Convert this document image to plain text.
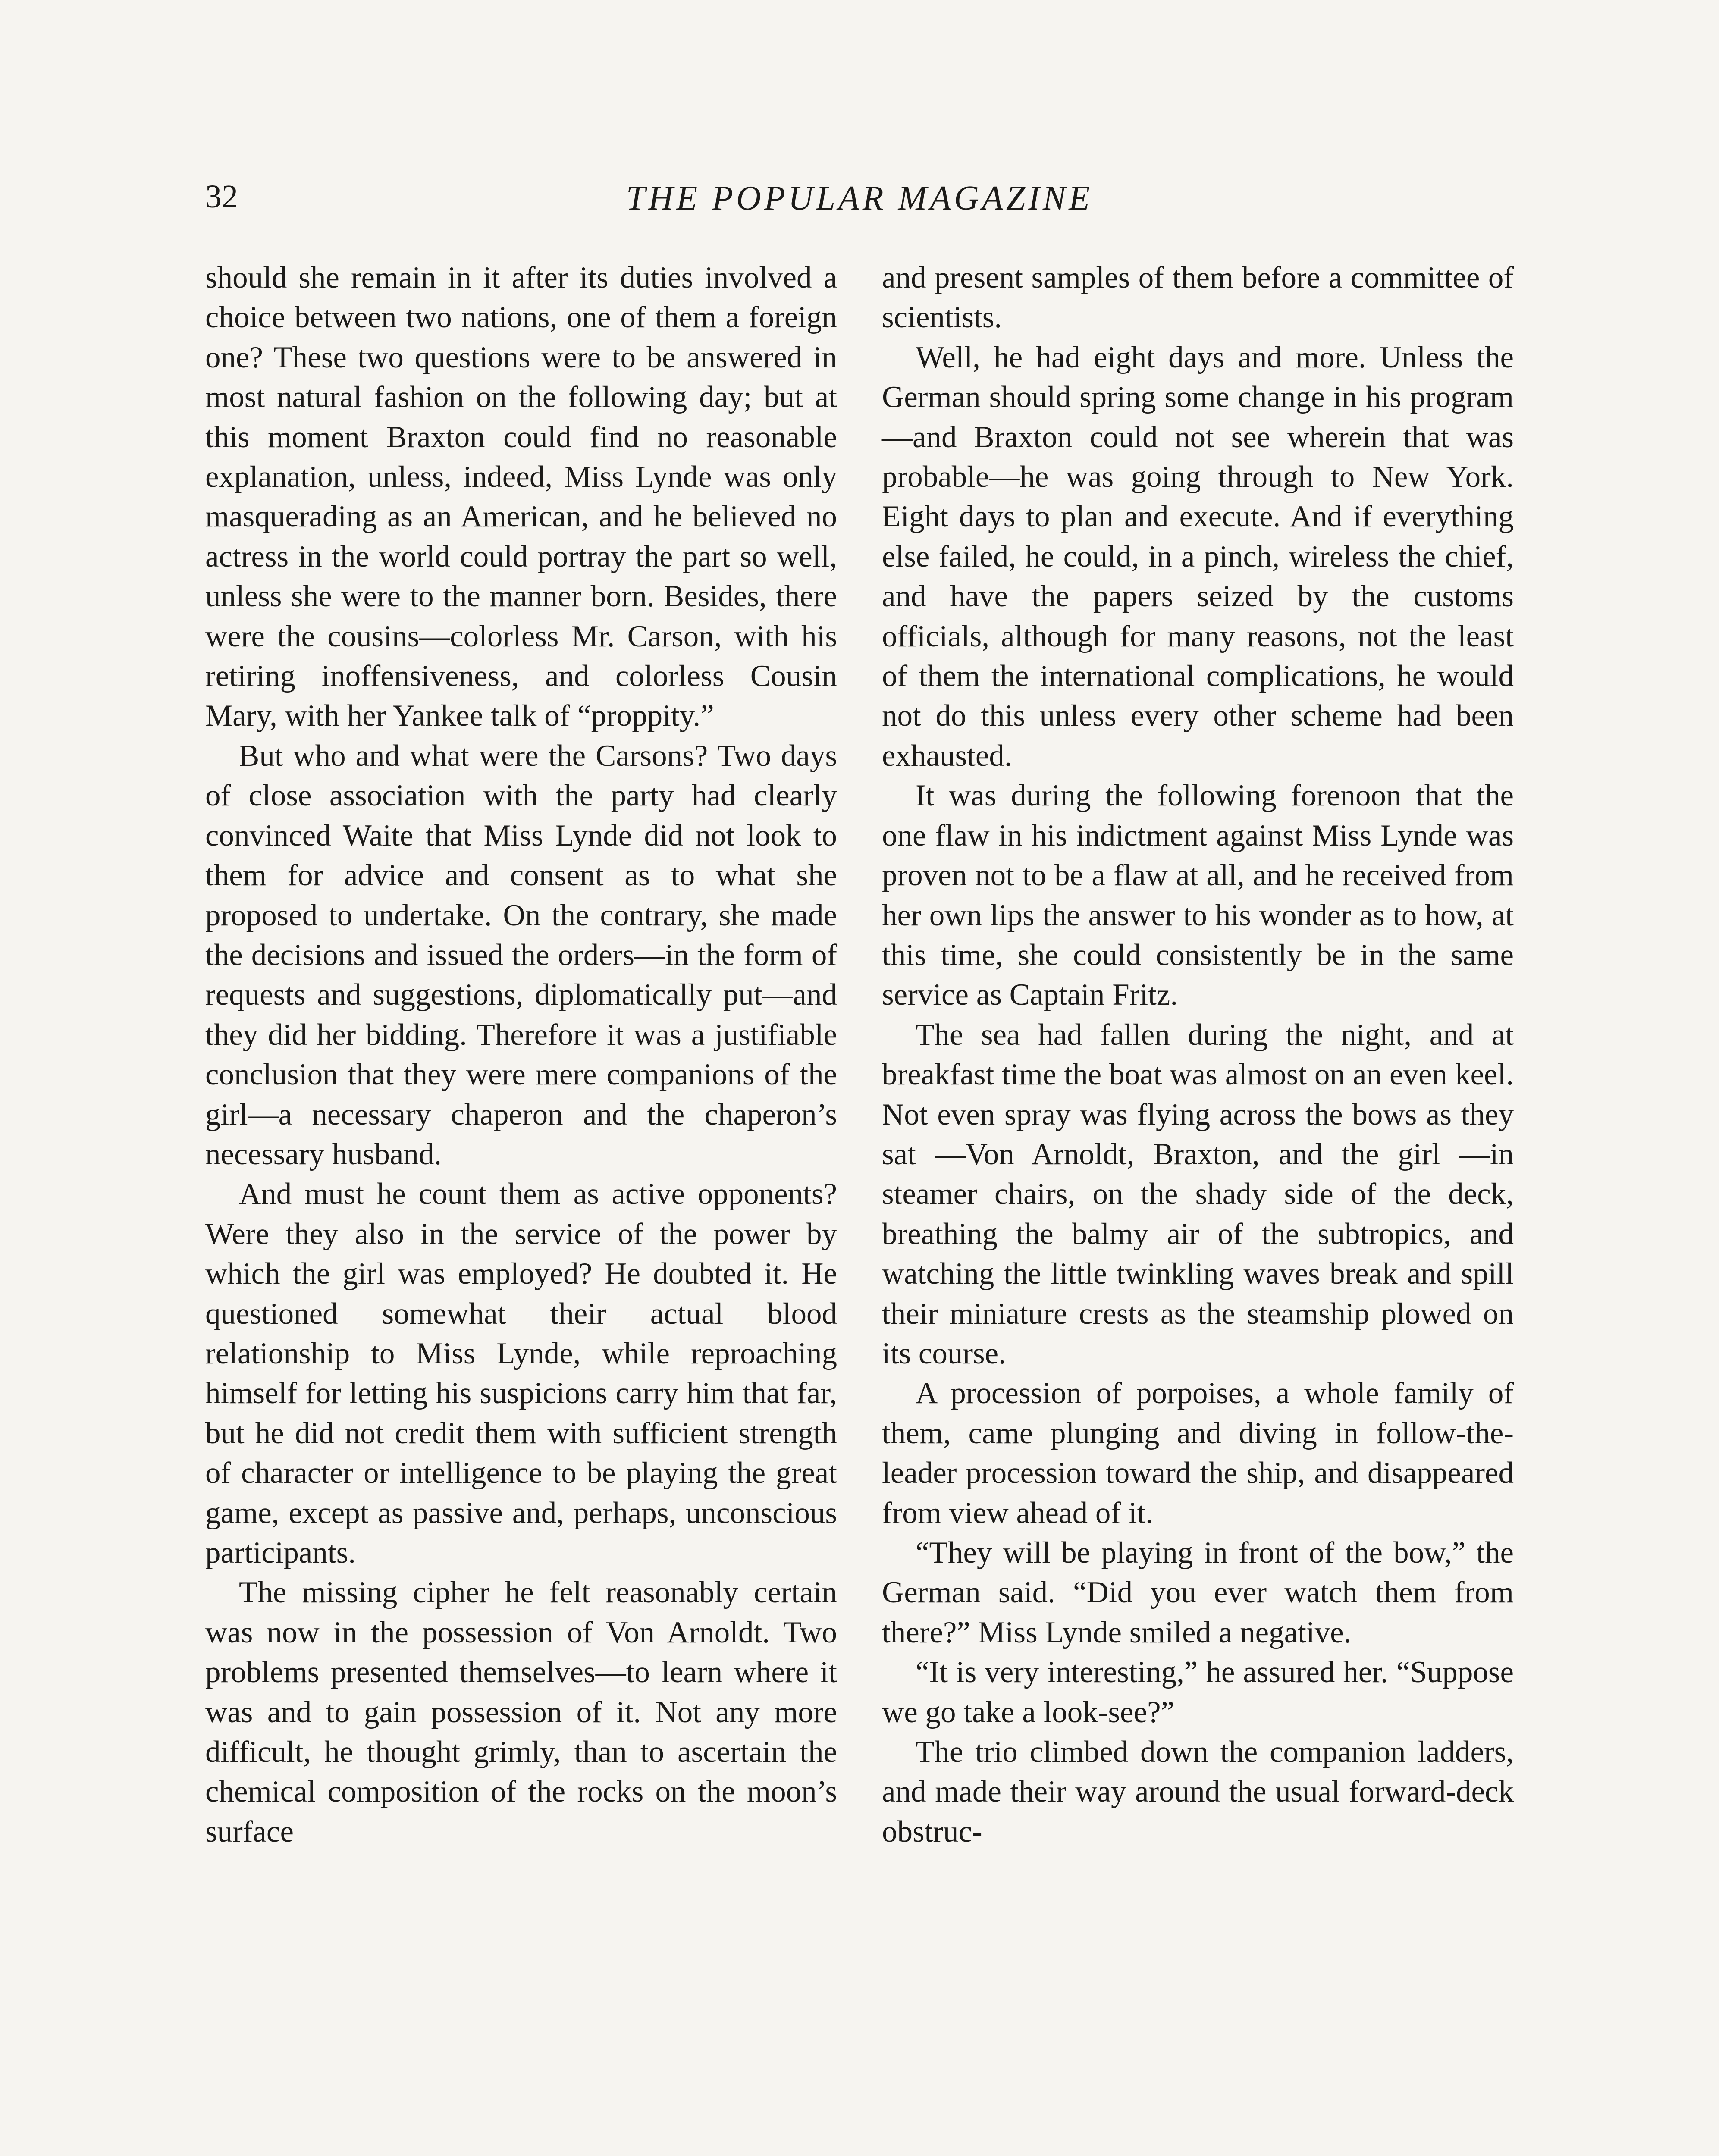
32	THE POPULAR MAGAZINE

should she remain in it after its duties involved a choice between two nations, one of them a foreign one? These two questions were to be answered in most natural fashion on the following day; but at this moment Braxton could find no reasonable explanation, unless, indeed, Miss Lynde was only masquerading as an American, and he believed no actress in the world could portray the part so well, unless she were to the manner born. Besides, there were the cousins—colorless Mr. Carson, with his retiring inoffensiveness, and colorless Cousin Mary, with her Yankee talk of “proppity.”

But who and what were the Carsons? Two days of close association with the party had clearly convinced Waite that Miss Lynde did not look to them for advice and consent as to what she proposed to undertake. On the contrary, she made the decisions and issued the orders—in the form of requests and suggestions, diplomatically put—and they did her bidding. Therefore it was a justifiable conclusion that they were mere companions of the girl—a necessary chaperon and the chaperon’s necessary husband.

And must he count them as active opponents? Were they also in the service of the power by which the girl was employed? He doubted it. He questioned somewhat their actual blood relationship to Miss Lynde, while reproaching himself for letting his suspicions carry him that far, but he did not credit them with sufficient strength of character or intelligence to be playing the great game, except as passive and, perhaps, unconscious participants.

The missing cipher he felt reasonably certain was now in the possession of Von Arnoldt. Two problems presented themselves—to learn where it was and to gain possession of it. Not any more difficult, he thought grimly, than to ascertain the chemical composition of the rocks on the moon’s surface

and present samples of them before a committee of scientists.

Well, he had eight days and more. Unless the German should spring some change in his program—and Braxton could not see wherein that was probable—he was going through to New York. Eight days to plan and execute. And if everything else failed, he could, in a pinch, wireless the chief, and have the papers seized by the customs officials, although for many reasons, not the least of them the international complications, he would not do this unless every other scheme had been exhausted.

It was during the following forenoon that the one flaw in his indictment against Miss Lynde was proven not to be a flaw at all, and he received from her own lips the answer to his wonder as to how, at this time, she could consistently be in the same service as Captain Fritz.

The sea had fallen during the night, and at breakfast time the boat was almost on an even keel. Not even spray was flying across the bows as they sat —Von Arnoldt, Braxton, and the girl —in steamer chairs, on the shady side of the deck, breathing the balmy air of the subtropics, and watching the little twinkling waves break and spill their miniature crests as the steamship plowed on its course.

A procession of porpoises, a whole family of them, came plunging and diving in follow-the-leader procession toward the ship, and disappeared from view ahead of it.

“They will be playing in front of the bow,” the German said. “Did you ever watch them from there?” Miss Lynde smiled a negative.

“It is very interesting,” he assured her. “Suppose we go take a look-see?”

The trio climbed down the companion ladders, and made their way around the usual forward-deck obstruc-
